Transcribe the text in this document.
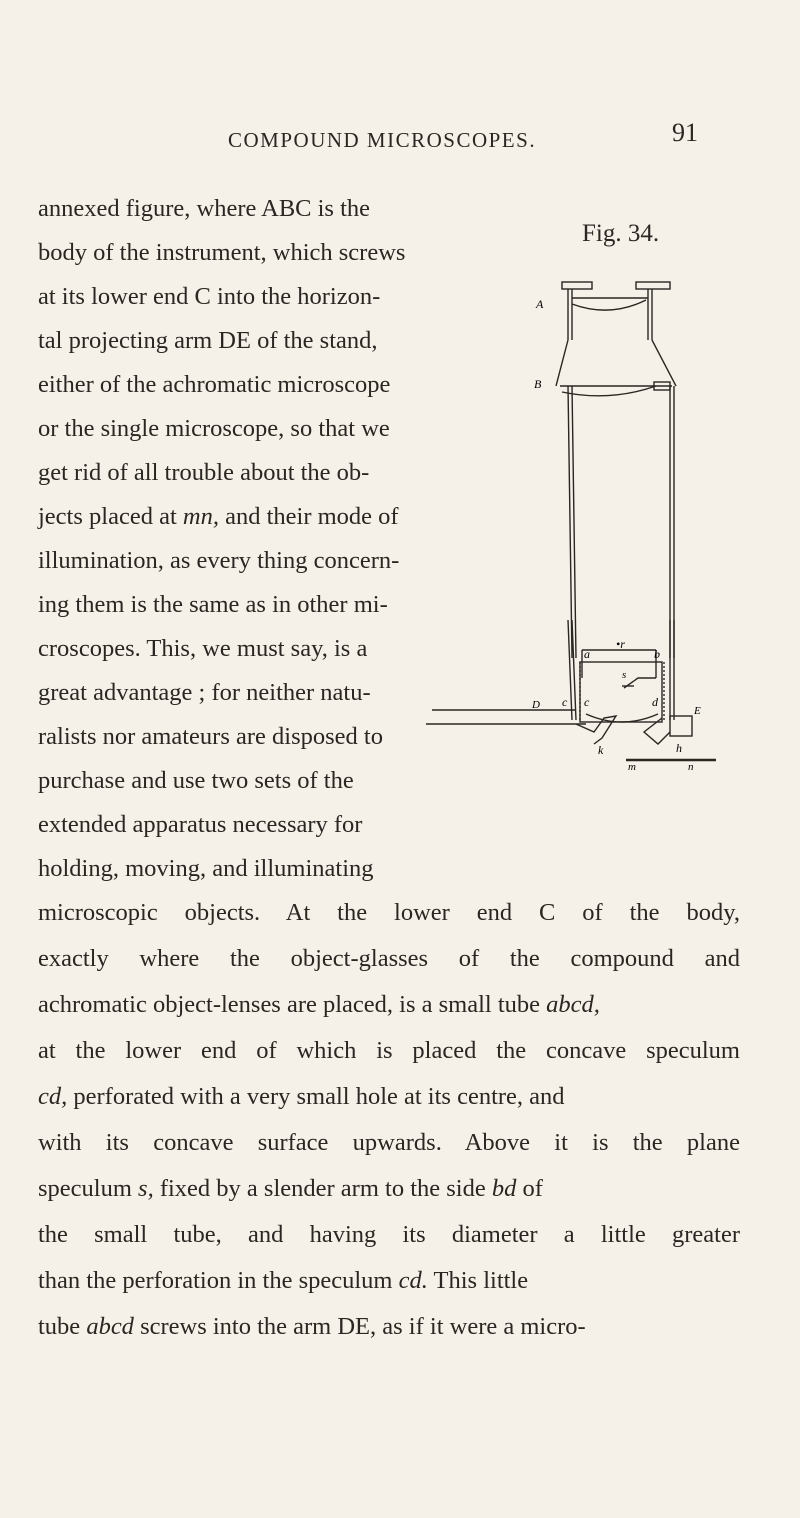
COMPOUND MICROSCOPES.	91
Fig. 34.
A
B
•r
a	b
s
c c	d
D	E
k	h
m	n
annexed figure, where ABC is the
body of the instrument, which screws
at its lower end C into the horizon-
tal projecting arm DE of the stand,
either of the achromatic microscope
or the single microscope, so that we
get rid of all trouble about the ob-
jects placed at mn, and their mode of
illumination, as every thing concern-
ing them is the same as in other mi-
croscopes. This, we must say, is a
great advantage ; for neither natu-
ralists nor amateurs are disposed to
purchase and use two sets of the
extended apparatus necessary for
holding, moving, and illuminating
microscopic objects. At the lower end C of the body,
exactly where the object-glasses of the compound and
achromatic object-lenses are placed, is a small tube abcd,
at the lower end of which is placed the concave speculum
cd, perforated with a very small hole at its centre, and
with its concave surface upwards. Above it is the plane
speculum s, fixed by a slender arm to the side bd of
the small tube, and having its diameter a little greater
than the perforation in the speculum cd. This little
tube abcd screws into the arm DE, as if it were a micro-
